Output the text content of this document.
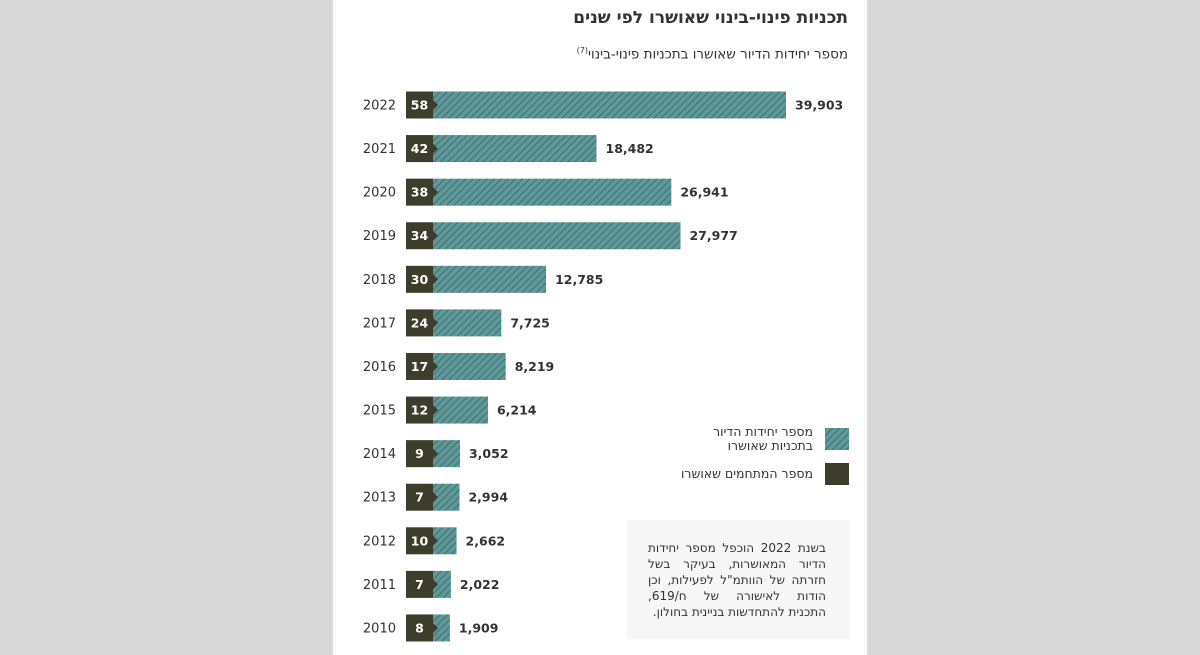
תכניות פינוי-בינוי שאושרו לפי שנים
מספר יחידות הדיור שאושרו בתכניות פינוי-בינוי$^{(7)}$
2022 58	39,903
2021 42	18,482
2020 38	26,941
2019 34	27,977
2018 30	12,785
2017 24	7,725
2016 17	8,219
2015 12	6,214
2014 9	3,052
2013 7	2,994
2012 10	2,662
2011 7	2,022
2010 8	1,909
מספר יחידות הדיור
בתכניות שאושרו
מספר המתחמים שאושרו
בשנת 2022 הוכפל מספר יחידות הדיור המאושרות, בעיקר בשל חזרתה של הוותמ"ל לפעילות, וכן הודות לאישורה של ח/619, התכנית להתחדשות בניינית בחולון.
